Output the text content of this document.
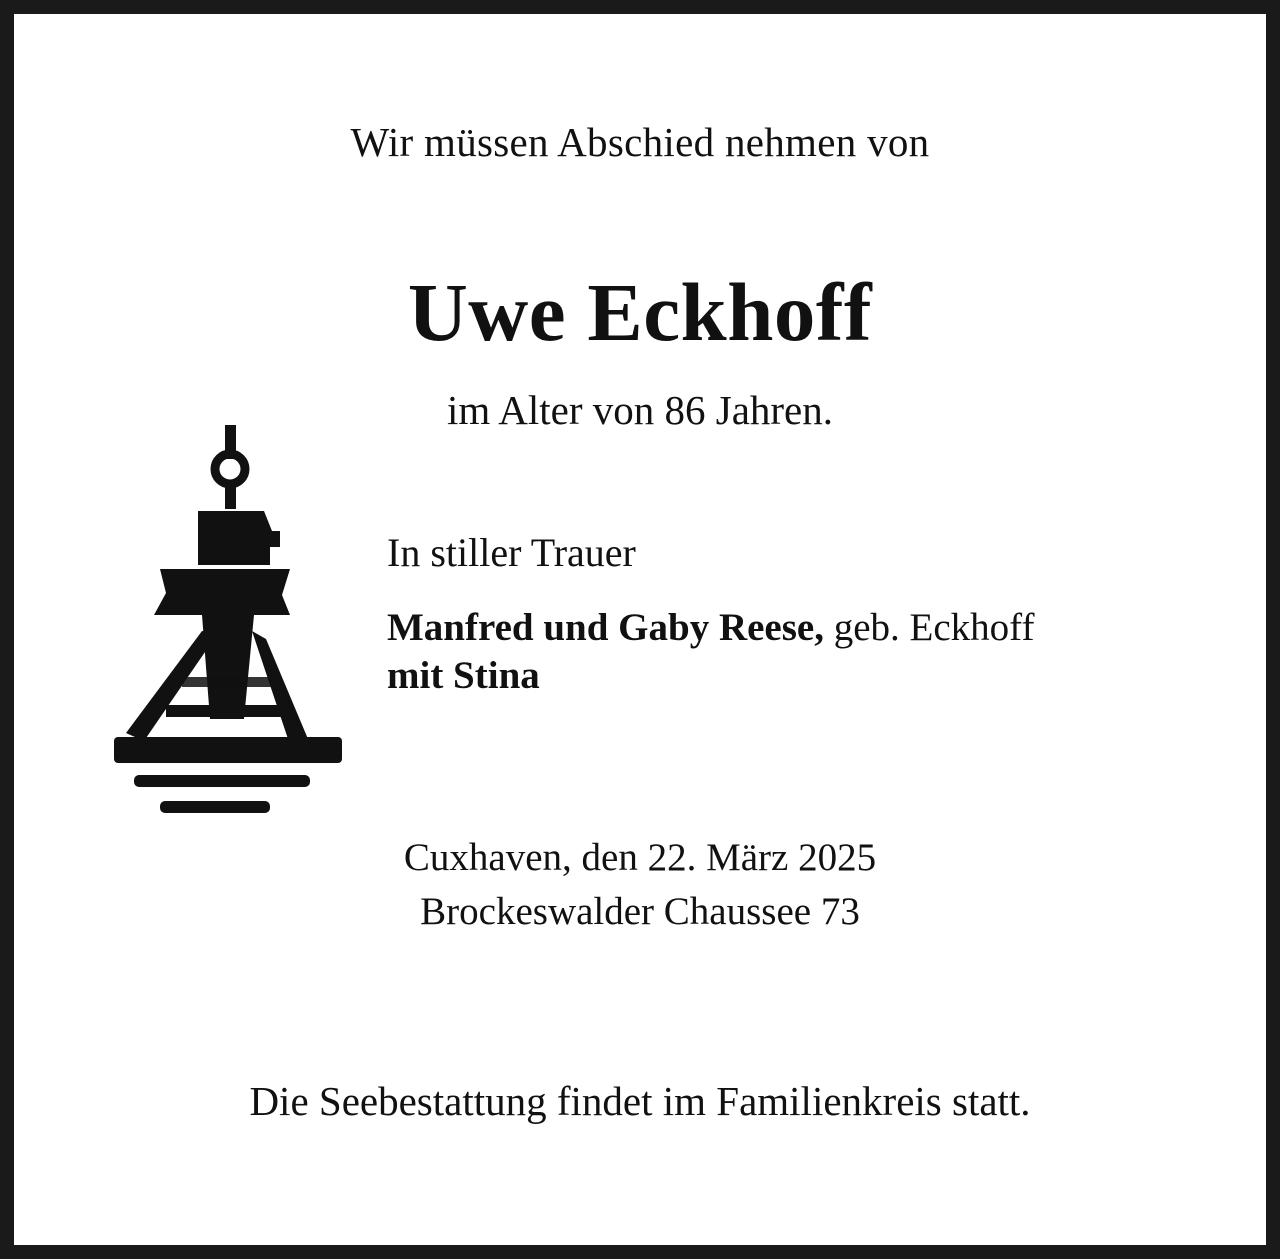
Wir müssen Abschied nehmen von
Uwe Eckhoff
im Alter von 86 Jahren.
In stiller Trauer
Manfred und Gaby Reese, geb. Eckhoff
mit Stina
Cuxhaven, den 22. März 2025
Brockeswalder Chaussee 73
Die Seebestattung findet im Familienkreis statt.
